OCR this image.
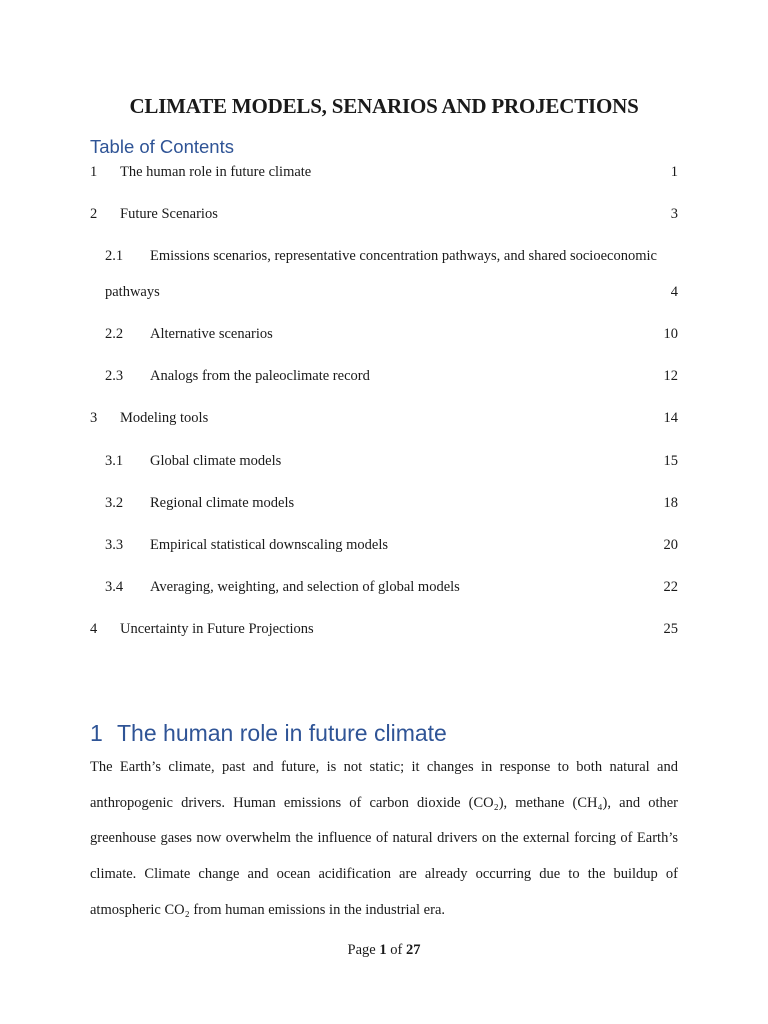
CLIMATE MODELS, SENARIOS AND PROJECTIONS
Table of Contents
1 The human role in future climate	1
2 Future Scenarios	3
2.1 Emissions scenarios, representative concentration pathways, and shared socioeconomic
pathways	4
2.2 Alternative scenarios	10
2.3 Analogs from the paleoclimate record	12
3 Modeling tools	14
3.1 Global climate models	15
3.2 Regional climate models	18
3.3 Empirical statistical downscaling models	20
3.4 Averaging, weighting, and selection of global models	22
4 Uncertainty in Future Projections	25
1 The human role in future climate
The Earth’s climate, past and future, is not static; it changes in response to both natural and
anthropogenic drivers. Human emissions of carbon dioxide (CO₂), methane (CH₄), and other
greenhouse gases now overwhelm the influence of natural drivers on the external forcing of Earth’s
climate. Climate change and ocean acidification are already occurring due to the buildup of
atmospheric CO₂ from human emissions in the industrial era.
Page 1 of 27
